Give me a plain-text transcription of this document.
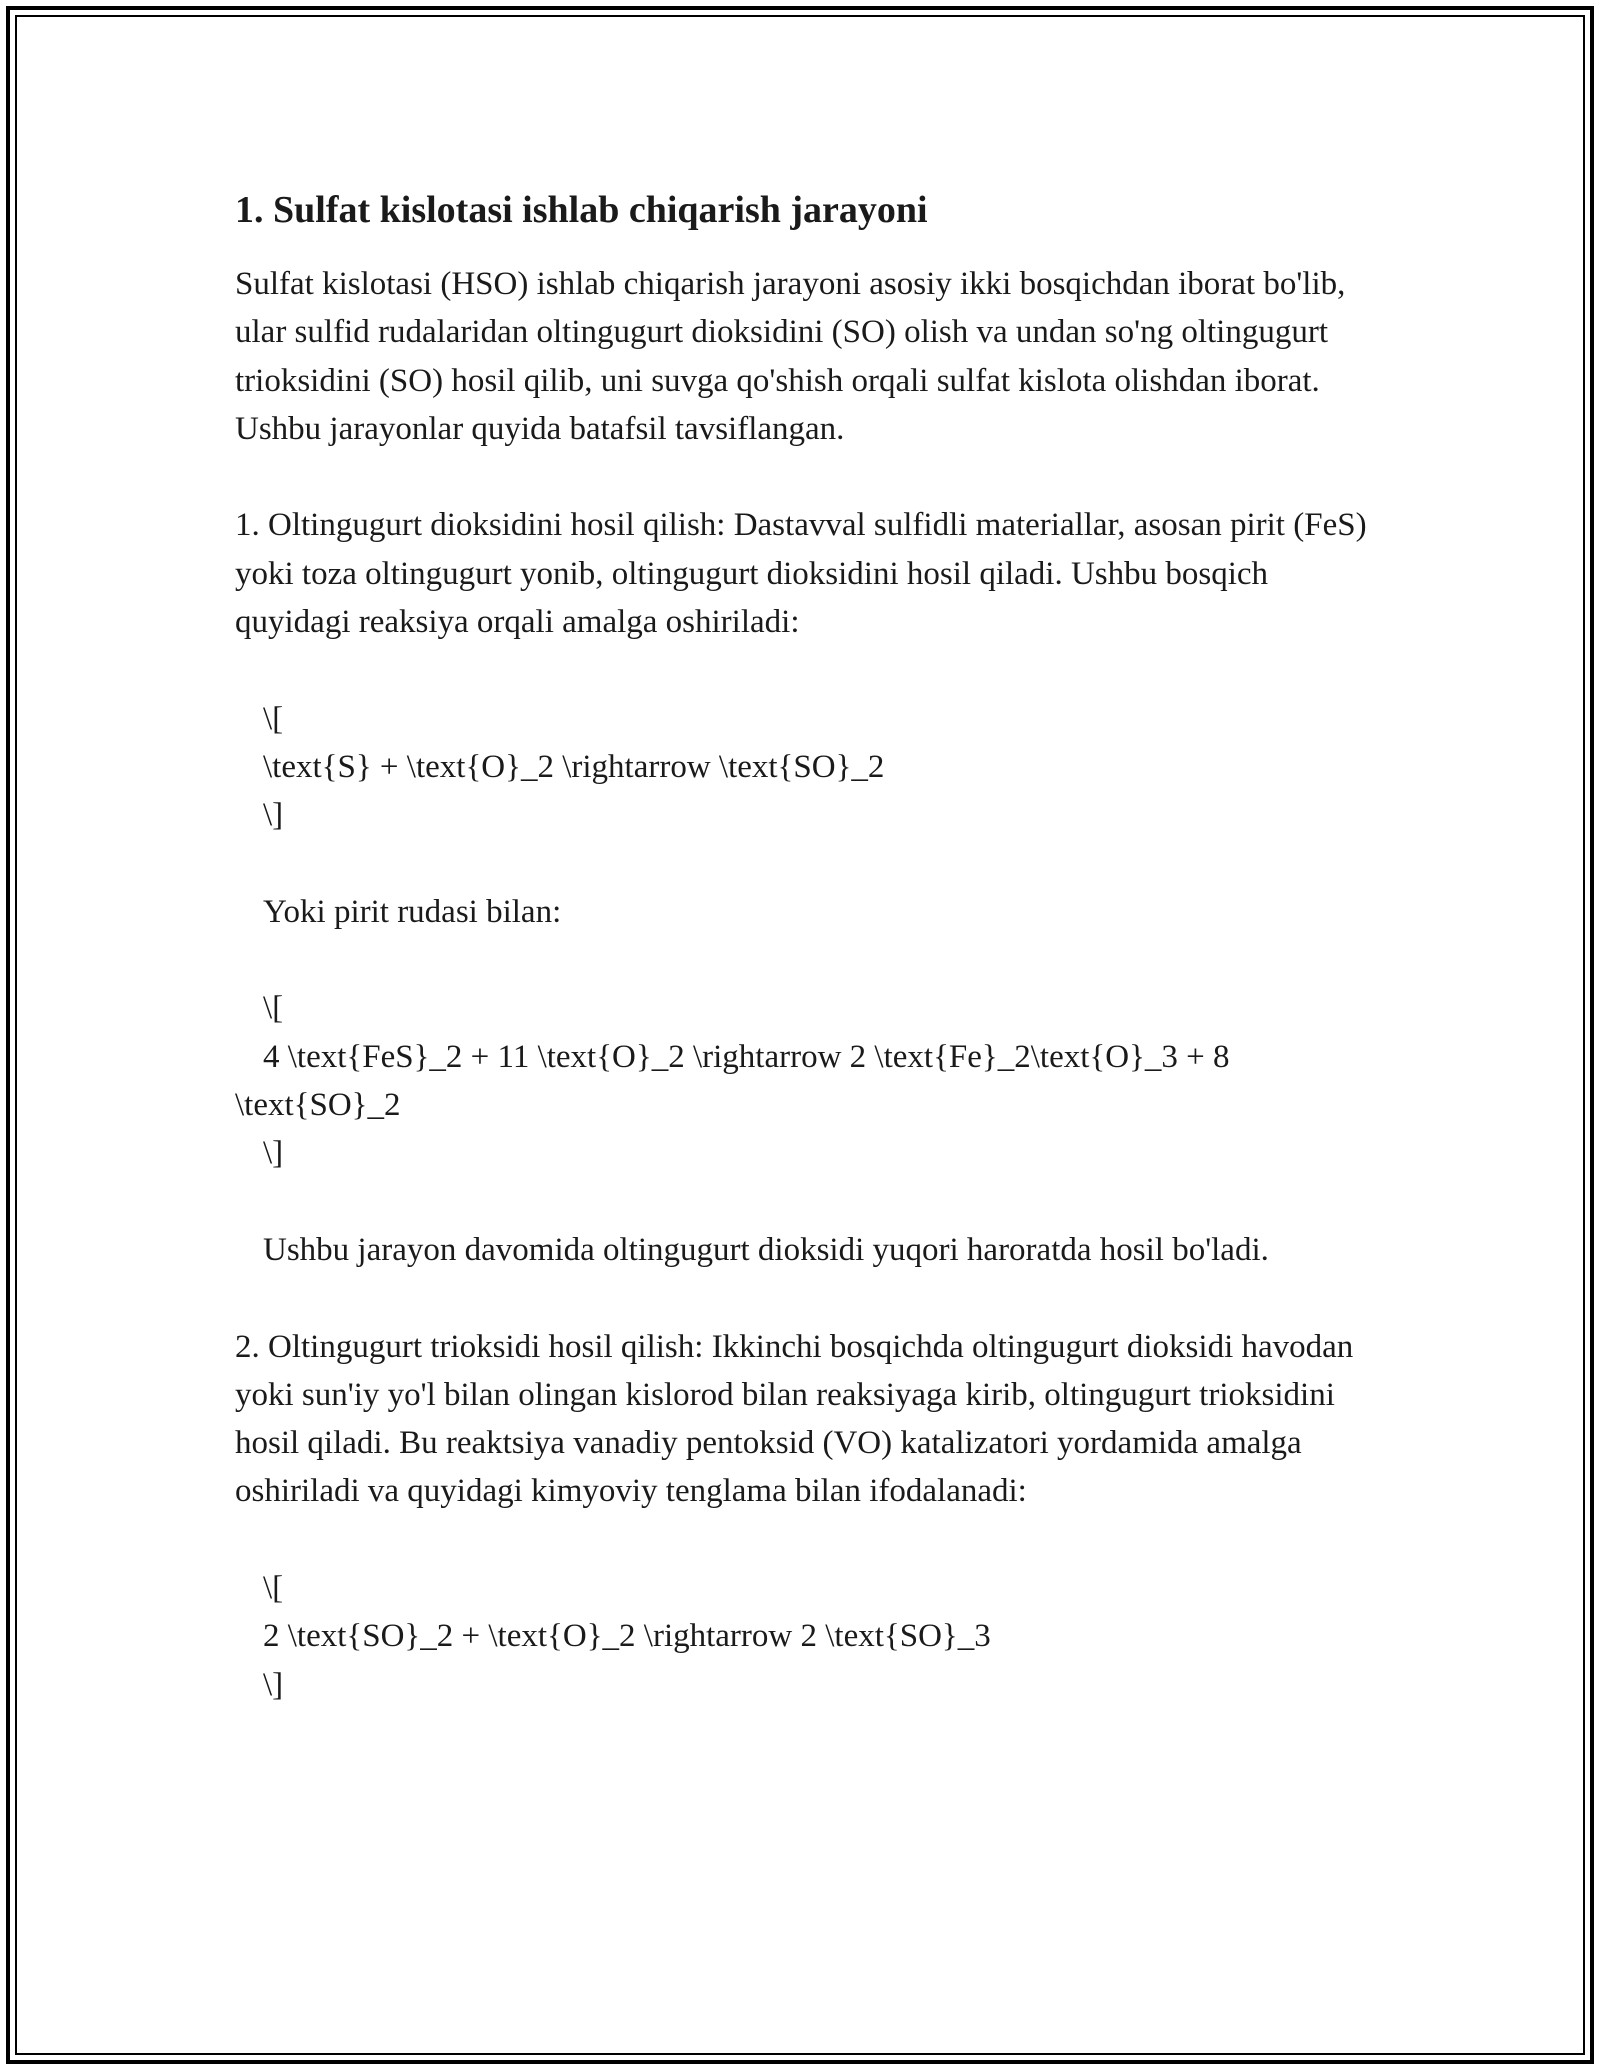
1. Sulfat kislotasi ishlab chiqarish jarayoni

Sulfat kislotasi (HSO) ishlab chiqarish jarayoni asosiy ikki bosqichdan iborat bo'lib, ular sulfid rudalaridan oltingugurt dioksidini (SO) olish va undan so'ng oltingugurt trioksidini (SO) hosil qilib, uni suvga qo'shish orqali sulfat kislota olishdan iborat. Ushbu jarayonlar quyida batafsil tavsiflangan.

1. Oltingugurt dioksidini hosil qilish: Dastavval sulfidli materiallar, asosan pirit (FeS) yoki toza oltingugurt yonib, oltingugurt dioksidini hosil qiladi. Ushbu bosqich quyidagi reaksiya orqali amalga oshiriladi:

\[
\text{S} + \text{O}_2 \rightarrow \text{SO}_2
\]

Yoki pirit rudasi bilan:

\[

4 \text{FeS}_2 + 11 \text{O}_2 \rightarrow 2 \text{Fe}_2\text{O}_3 + 8 \text{SO}_2

\]

Ushbu jarayon davomida oltingugurt dioksidi yuqori haroratda hosil bo'ladi.

2. Oltingugurt trioksidi hosil qilish: Ikkinchi bosqichda oltingugurt dioksidi havodan yoki sun'iy yo'l bilan olingan kislorod bilan reaksiyaga kirib, oltingugurt trioksidini hosil qiladi. Bu reaktsiya vanadiy pentoksid (VO) katalizatori yordamida amalga oshiriladi va quyidagi kimyoviy tenglama bilan ifodalanadi:

\[
2 \text{SO}_2 + \text{O}_2 \rightarrow 2 \text{SO}_3
\]
